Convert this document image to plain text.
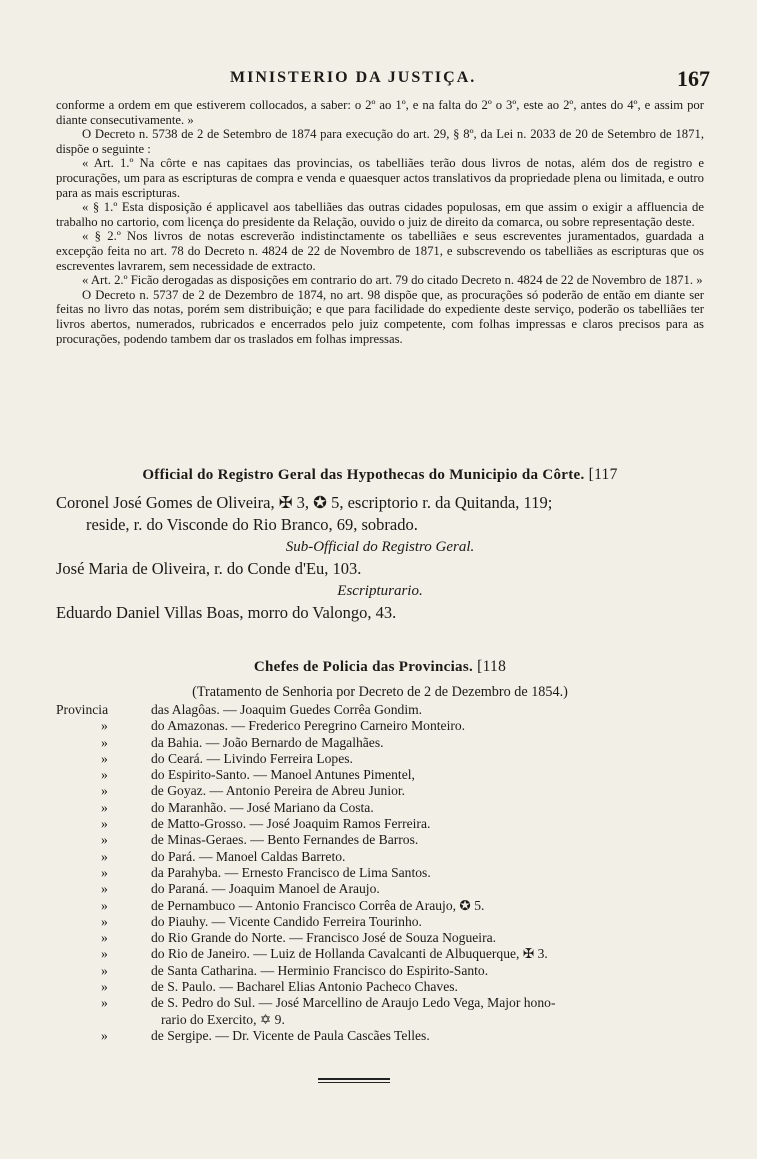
MINISTERIO DA JUSTIÇA.	167

conforme a ordem em que estiverem collocados, a saber: o 2º ao 1º, e na falta do 2º o 3º, este ao 2º, antes do 4º, e assim por diante consecutivamente. »

O Decreto n. 5738 de 2 de Setembro de 1874 para execução do art. 29, § 8º, da Lei n. 2033 de 20 de Setembro de 1871, dispõe o seguinte :

« Art. 1.º Na côrte e nas capitaes das provincias, os tabelliães terão dous livros de notas, além dos de registro e procurações, um para as escripturas de compra e venda e quaesquer actos translativos da propriedade plena ou limitada, e outro para as mais escripturas.

« § 1.º Esta disposição é applicavel aos tabelliães das outras cidades populosas, em que assim o exigir a affluencia de trabalho no cartorio, com licença do presidente da Relação, ouvido o juiz de direito da comarca, ou sobre representação deste.

« § 2.º Nos livros de notas escreverão indistinctamente os tabelliães e seus escreventes juramentados, guardada a excepção feita no art. 78 do Decreto n. 4824 de 22 de Novembro de 1871, e subscrevendo os tabelliães as escripturas que os escreventes lavrarem, sem necessidade de extracto.

« Art. 2.º Ficão derogadas as disposições em contrario do art. 79 do citado Decreto n. 4824 de 22 de Novembro de 1871. »

O Decreto n. 5737 de 2 de Dezembro de 1874, no art. 98 dispõe que, as procurações só poderão de então em diante ser feitas no livro das notas, porém sem distribuição; e que para facilidade do expediente deste serviço, poderão os tabelliães ter livros abertos, numerados, rubricados e encerrados pelo juiz competente, com folhas impressas e claros precisos para as procurações, podendo tambem dar os traslados em folhas impressas.

Official do Registro Geral das Hypothecas do Municipio da Côrte. [117
Coronel José Gomes de Oliveira, ✠ 3, ✪ 5, escriptorio r. da Quitanda, 119;
reside, r. do Visconde do Rio Branco, 69, sobrado.
Sub-Official do Registro Geral.
José Maria de Oliveira, r. do Conde d'Eu, 103.
Escripturario.
Eduardo Daniel Villas Boas, morro do Valongo, 43.
Chefes de Policia das Provincias. [118
(Tratamento de Senhoria por Decreto de 2 de Dezembro de 1854.)
Provincia	das Alagôas. — Joaquim Guedes Corrêa Gondim.
»	do Amazonas. — Frederico Peregrino Carneiro Monteiro.
»	da Bahia. — João Bernardo de Magalhães.
»	do Ceará. — Livindo Ferreira Lopes.
»	do Espirito-Santo. — Manoel Antunes Pimentel,
»	de Goyaz. — Antonio Pereira de Abreu Junior.
»	do Maranhão. — José Mariano da Costa.
»	de Matto-Grosso. — José Joaquim Ramos Ferreira.
»	de Minas-Geraes. — Bento Fernandes de Barros.
»	do Pará. — Manoel Caldas Barreto.
»	da Parahyba. — Ernesto Francisco de Lima Santos.
»	do Paraná. — Joaquim Manoel de Araujo.
»	de Pernambuco — Antonio Francisco Corrêa de Araujo, ✪ 5.
»	do Piauhy. — Vicente Candido Ferreira Tourinho.
»	do Rio Grande do Norte. — Francisco José de Souza Nogueira.
»	do Rio de Janeiro. — Luiz de Hollanda Cavalcanti de Albuquerque, ✠ 3.
»	de Santa Catharina. — Herminio Francisco do Espirito-Santo.
»	de S. Paulo. — Bacharel Elias Antonio Pacheco Chaves.
»	de S. Pedro do Sul. — José Marcellino de Araujo Ledo Vega, Major hono-
rario do Exercito, ✡ 9.
»	de Sergipe. — Dr. Vicente de Paula Cascães Telles.
